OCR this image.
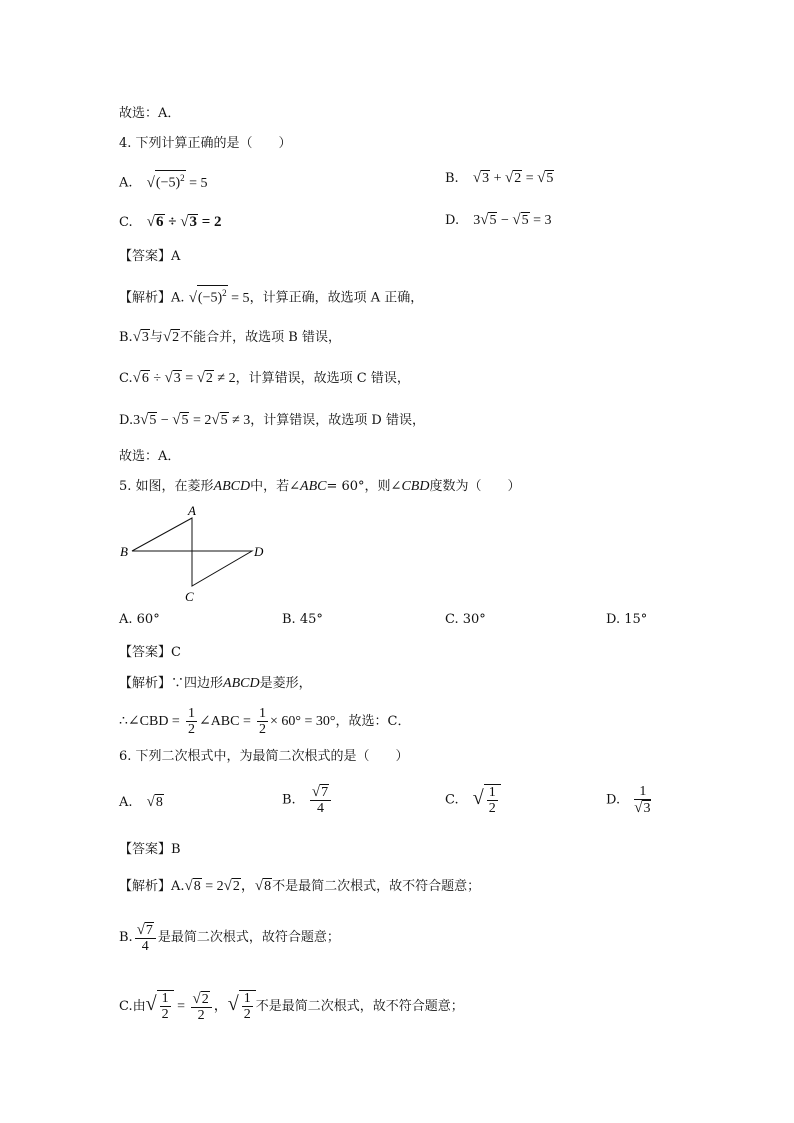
故选：A．
4. 下列计算正确的是（　　）
A. $√(-5)^2 = 5$	B. √3 + √2 = √5
C. √6 ÷ √3 = 2	D. 3√5 − √5 = 3
【答案】A
【解析】A. $√(-5)^2 = 5$，计算正确，故选项 A 正确，
B.√3与√2不能合并，故选项 B 错误，
C.√6 ÷ √3 = √2 ≠ 2，计算错误，故选项 C 错误，
D.3√5 − √5 = 2√5 ≠ 3，计算错误，故选项 D 错误，
故选：A．
5. 如图，在菱形ABCD中，若∠ABC= 60°，则∠CBD度数为（　　）
A
B
C
D
A. 60°	B. 45°	C. 30°	D. 15°
【答案】C
【解析】∵四边形ABCD是菱形，
∴∠CBD = $\frac{1}{2}$ ∠ABC = $\frac{1}{2} \times 60^\circ = 30^\circ$，故选：C．
6. 下列二次根式中，为最简二次根式的是（　　）
A. √8	B. $\frac{√7}{4}$	C. √ $\frac{1}{2}$	D. $\frac{1}{√3}$
【答案】B
【解析】A.√8 = 2√2，√8不是最简二次根式，故不符合题意；
B. $\frac{√7}{4}$ 是最简二次根式，故符合题意；
C.由√ $\frac{1}{2} = \frac{√2}{2}$ ，√ $\frac{1}{2}$ 不是最简二次根式，故不符合题意；
